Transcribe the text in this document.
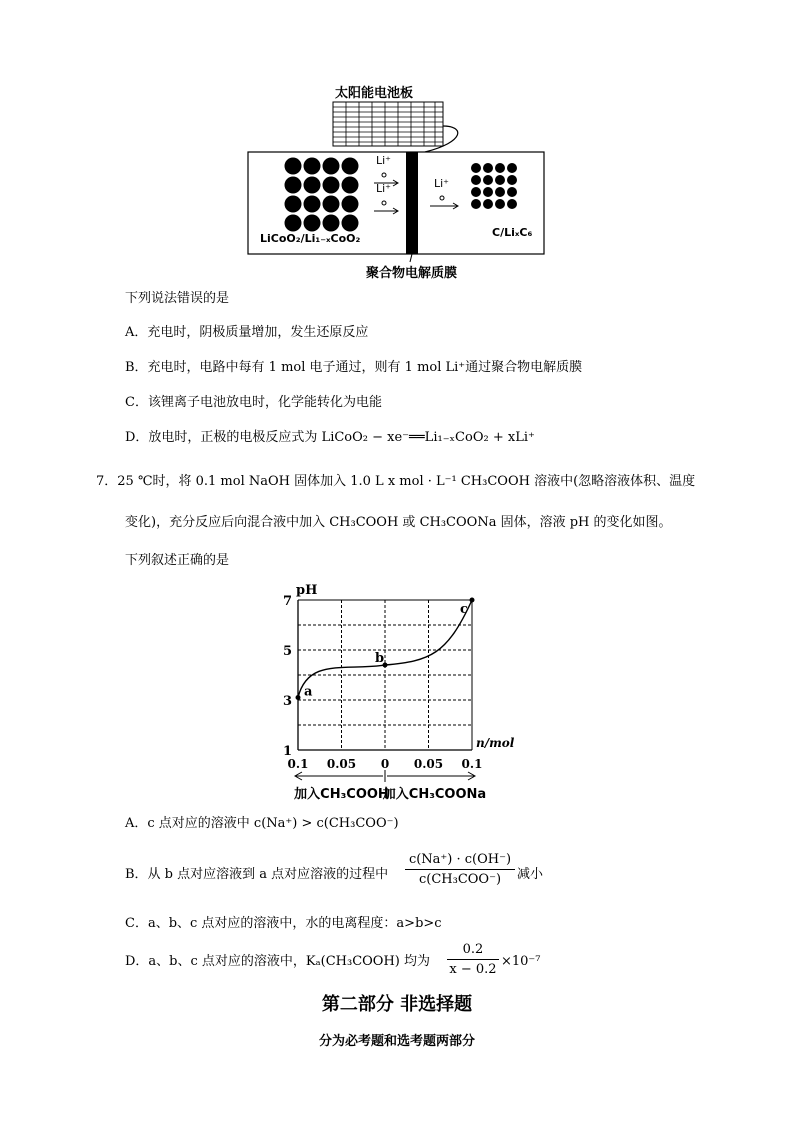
太阳能电池板
Li⁺
Li⁺	Li⁺
LiCoO₂/Li₁₋ₓCoO₂	C/LiₓC₆
聚合物电解质膜
下列说法错误的是
A．充电时，阴极质量增加，发生还原反应
B．充电时，电路中每有 1 mol 电子通过，则有 1 mol Li⁺通过聚合物电解质膜
C．该锂离子电池放电时，化学能转化为电能
D．放电时，正极的电极反应式为 LiCoO₂ − xe⁻══Li₁₋ₓCoO₂ + xLi⁺
7．25 ℃时，将 0.1 mol NaOH 固体加入 1.0 L x mol · L⁻¹ CH₃COOH 溶液中(忽略溶液体积、温度
变化)，充分反应后向混合液中加入 CH₃COOH 或 CH₃COONa 固体，溶液 pH 的变化如图。
下列叙述正确的是
1
3
5
7
0.1 0.05 0 0.05 0.1
pH
n/mol
a
b
c
加入CH₃COOH
加入CH₃COONa
A．c 点对应的溶液中 c(Na⁺) > c(CH₃COO⁻)
B．从 b 点对应溶液到 a 点对应溶液的过程中
c(Na⁺) · c(OH⁻)
c(CH₃COO⁻)	减小
C．a、b、c 点对应的溶液中，水的电离程度：a>b>c
D．a、b、c 点对应的溶液中，Kₐ(CH₃COOH) 均为 $\frac{0.2}{x - 0.2} \times 10^{-7}$
第二部分 非选择题
分为必考题和选考题两部分
